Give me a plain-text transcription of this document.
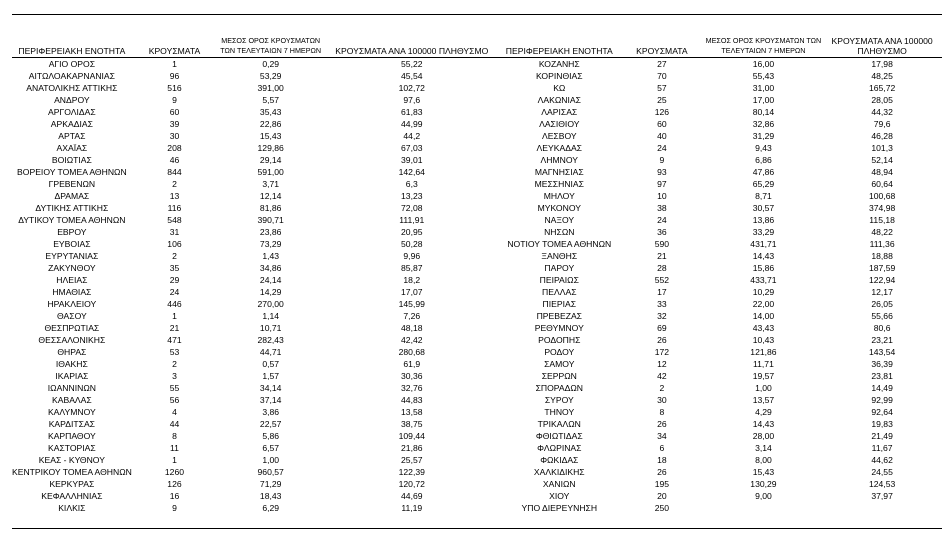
ΠΕΡΙΦΕΡΕΙΑΚΗ ΕΝΟΤΗΤΑ	ΚΡΟΥΣΜΑΤΑ	ΜΕΣΟΣ ΟΡΟΣ ΚΡΟΥΣΜΑΤΩΝ ΤΩΝ ΤΕΛΕΥΤΑΙΩΝ 7 ΗΜΕΡΩΝ	ΚΡΟΥΣΜΑΤΑ ΑΝΑ 100000 ΠΛΗΘΥΣΜΟ	ΠΕΡΙΦΕΡΕΙΑΚΗ ΕΝΟΤΗΤΑ	ΚΡΟΥΣΜΑΤΑ	ΜΕΣΟΣ ΟΡΟΣ ΚΡΟΥΣΜΑΤΩΝ ΤΩΝ ΤΕΛΕΥΤΑΙΩΝ 7 ΗΜΕΡΩΝ	ΚΡΟΥΣΜΑΤΑ ΑΝΑ 100000 ΠΛΗΘΥΣΜΟ
ΑΓΙΟ ΟΡΟΣ	1	0,29	55,22	ΚΟΖΑΝΗΣ	27	16,00	17,98
ΑΙΤΩΛΟΑΚΑΡΝΑΝΙΑΣ	96	53,29	45,54	ΚΟΡΙΝΘΙΑΣ	70	55,43	48,25
ΑΝΑΤΟΛΙΚΗΣ ΑΤΤΙΚΗΣ	516	391,00	102,72	ΚΩ	57	31,00	165,72
ΑΝΔΡΟΥ	9	5,57	97,6	ΛΑΚΩΝΙΑΣ	25	17,00	28,05
ΑΡΓΟΛΙΔΑΣ	60	35,43	61,83	ΛΑΡΙΣΑΣ	126	80,14	44,32
ΑΡΚΑΔΙΑΣ	39	22,86	44,99	ΛΑΣΙΘΙΟΥ	60	32,86	79,6
ΑΡΤΑΣ	30	15,43	44,2	ΛΕΣΒΟΥ	40	31,29	46,28
ΑΧΑΪΑΣ	208	129,86	67,03	ΛΕΥΚΑΔΑΣ	24	9,43	101,3
ΒΟΙΩΤΙΑΣ	46	29,14	39,01	ΛΗΜΝΟΥ	9	6,86	52,14
ΒΟΡΕΙΟΥ ΤΟΜΕΑ ΑΘΗΝΩΝ	844	591,00	142,64	ΜΑΓΝΗΣΙΑΣ	93	47,86	48,94
ΓΡΕΒΕΝΩΝ	2	3,71	6,3	ΜΕΣΣΗΝΙΑΣ	97	65,29	60,64
ΔΡΑΜΑΣ	13	12,14	13,23	ΜΗΛΟΥ	10	8,71	100,68
ΔΥΤΙΚΗΣ ΑΤΤΙΚΗΣ	116	81,86	72,08	ΜΥΚΟΝΟΥ	38	30,57	374,98
ΔΥΤΙΚΟΥ ΤΟΜΕΑ ΑΘΗΝΩΝ	548	390,71	111,91	ΝΑΞΟΥ	24	13,86	115,18
ΕΒΡΟΥ	31	23,86	20,95	ΝΗΣΩΝ	36	33,29	48,22
ΕΥΒΟΙΑΣ	106	73,29	50,28	ΝΟΤΙΟΥ ΤΟΜΕΑ ΑΘΗΝΩΝ	590	431,71	111,36
ΕΥΡΥΤΑΝΙΑΣ	2	1,43	9,96	ΞΑΝΘΗΣ	21	14,43	18,88
ΖΑΚΥΝΘΟΥ	35	34,86	85,87	ΠΑΡΟΥ	28	15,86	187,59
ΗΛΕΙΑΣ	29	24,14	18,2	ΠΕΙΡΑΙΩΣ	552	433,71	122,94
ΗΜΑΘΙΑΣ	24	14,29	17,07	ΠΕΛΛΑΣ	17	10,29	12,17
ΗΡΑΚΛΕΙΟΥ	446	270,00	145,99	ΠΙΕΡΙΑΣ	33	22,00	26,05
ΘΑΣΟΥ	1	1,14	7,26	ΠΡΕΒΕΖΑΣ	32	14,00	55,66
ΘΕΣΠΡΩΤΙΑΣ	21	10,71	48,18	ΡΕΘΥΜΝΟΥ	69	43,43	80,6
ΘΕΣΣΑΛΟΝΙΚΗΣ	471	282,43	42,42	ΡΟΔΟΠΗΣ	26	10,43	23,21
ΘΗΡΑΣ	53	44,71	280,68	ΡΟΔΟΥ	172	121,86	143,54
ΙΘΑΚΗΣ	2	0,57	61,9	ΣΑΜΟΥ	12	11,71	36,39
ΙΚΑΡΙΑΣ	3	1,57	30,36	ΣΕΡΡΩΝ	42	19,57	23,81
ΙΩΑΝΝΙΝΩΝ	55	34,14	32,76	ΣΠΟΡΑΔΩΝ	2	1,00	14,49
ΚΑΒΑΛΑΣ	56	37,14	44,83	ΣΥΡΟΥ	30	13,57	92,99
ΚΑΛΥΜΝΟΥ	4	3,86	13,58	ΤΗΝΟΥ	8	4,29	92,64
ΚΑΡΔΙΤΣΑΣ	44	22,57	38,75	ΤΡΙΚΑΛΩΝ	26	14,43	19,83
ΚΑΡΠΑΘΟΥ	8	5,86	109,44	ΦΘΙΩΤΙΔΑΣ	34	28,00	21,49
ΚΑΣΤΟΡΙΑΣ	11	6,57	21,86	ΦΛΩΡΙΝΑΣ	6	3,14	11,67
ΚΕΑΣ - ΚΥΘΝΟΥ	1	1,00	25,57	ΦΩΚΙΔΑΣ	18	8,00	44,62
ΚΕΝΤΡΙΚΟΥ ΤΟΜΕΑ ΑΘΗΝΩΝ	1260	960,57	122,39	ΧΑΛΚΙΔΙΚΗΣ	26	15,43	24,55
ΚΕΡΚΥΡΑΣ	126	71,29	120,72	ΧΑΝΙΩΝ	195	130,29	124,53
ΚΕΦΑΛΛΗΝΙΑΣ	16	18,43	44,69	ΧΙΟΥ	20	9,00	37,97
ΚΙΛΚΙΣ	9	6,29	11,19	ΥΠΟ ΔΙΕΡΕΥΝΗΣΗ	250		
